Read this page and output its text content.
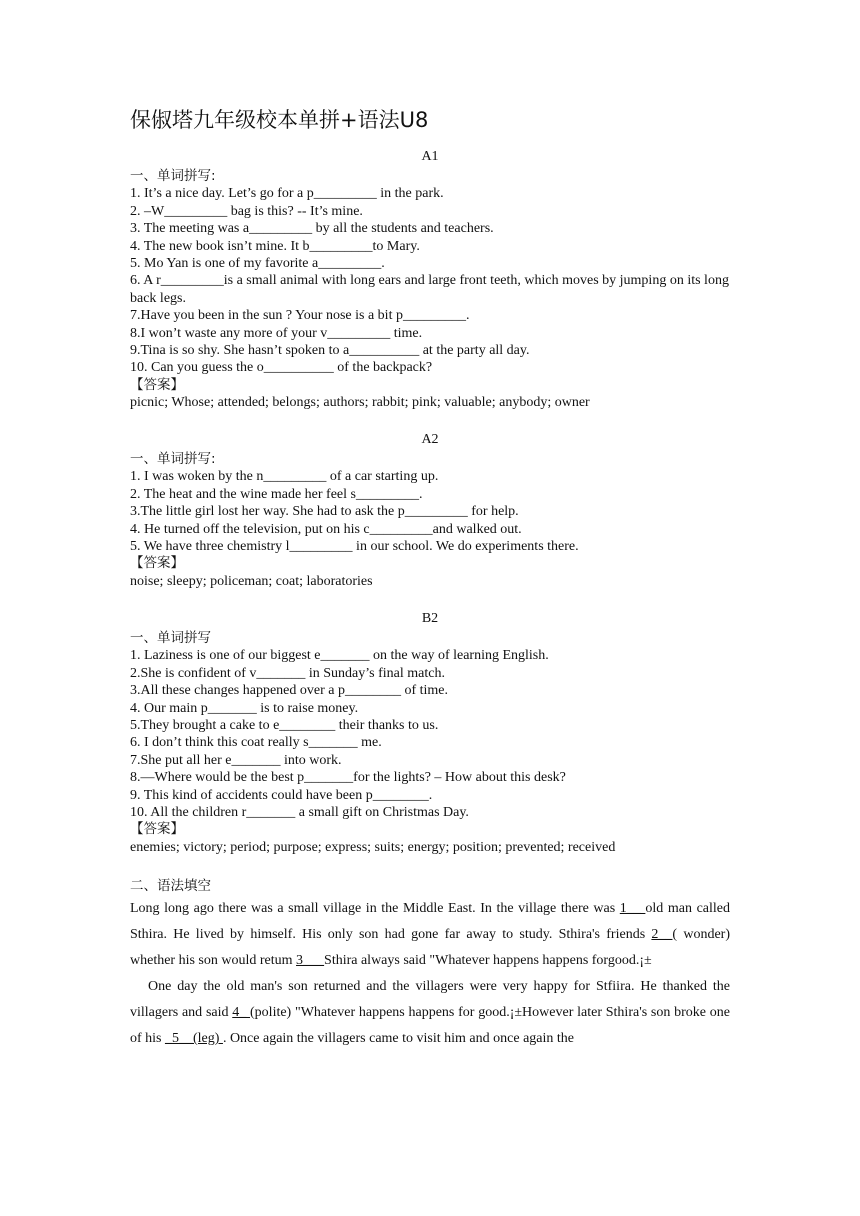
保俶塔九年级校本单拼+语法U8
A1
一、单词拼写:
1. It’s a nice day. Let’s go for a p_________ in the park.
2. –W_________ bag is this? -- It’s mine.
3. The meeting was a_________ by all the students and teachers.
4. The new book isn’t mine. It b_________to Mary.
5. Mo Yan is one of my favorite a_________.
6. A r_________is a small animal with long ears and large front teeth, which moves by jumping on its long back legs.
7.Have you been in the sun ? Your nose is a bit p_________.
8.I won’t waste any more of your v_________ time.
9.Tina is so shy. She hasn’t spoken to a__________ at the party all day.
10. Can you guess the o__________ of the backpack?
【答案】
picnic; Whose; attended; belongs; authors; rabbit; pink; valuable; anybody; owner
A2
一、单词拼写:
1. I was woken by the n_________ of a car starting up.
2. The heat and the wine made her feel s_________.
3.The little girl lost her way. She had to ask the p_________ for help.
4. He turned off the television, put on his c_________and walked out.
5. We have three chemistry l_________ in our school. We do experiments there.
【答案】
noise; sleepy; policeman; coat; laboratories
B2
一、单词拼写
1. Laziness is one of our biggest e_______ on the way of learning English.
2.She is confident of v_______ in Sunday’s final match.
3.All these changes happened over a p________ of time.
4. Our main p_______ is to raise money.
5.They brought a cake to e________ their thanks to us.
6. I don’t think this coat really s_______ me.
7.She put all her e_______ into work.
8.—Where would be the best p_______for the lights? – How about this desk?
9. This kind of accidents could have been p________.
10. All the children r_______ a small gift on Christmas Day.
【答案】
enemies; victory; period; purpose; express; suits; energy; position; prevented; received
二、语法填空
Long long ago there was a small village in the Middle East. In the village there was 1__ old man called Sthira. He lived by himself. His only son had gone far away to study. Sthira's friends 2__( wonder) whether his son would retum 3___Sthira always said "Whatever happens happens forgood.¡±
One day the old man's son returned and the villagers were very happy for Stfiira. He thanked the villagers and said 4_ (polite) "Whatever happens happens for good.¡±However later Sthira's son broke one of his _5__(leg) . Once again the villagers came to visit him and once again the
